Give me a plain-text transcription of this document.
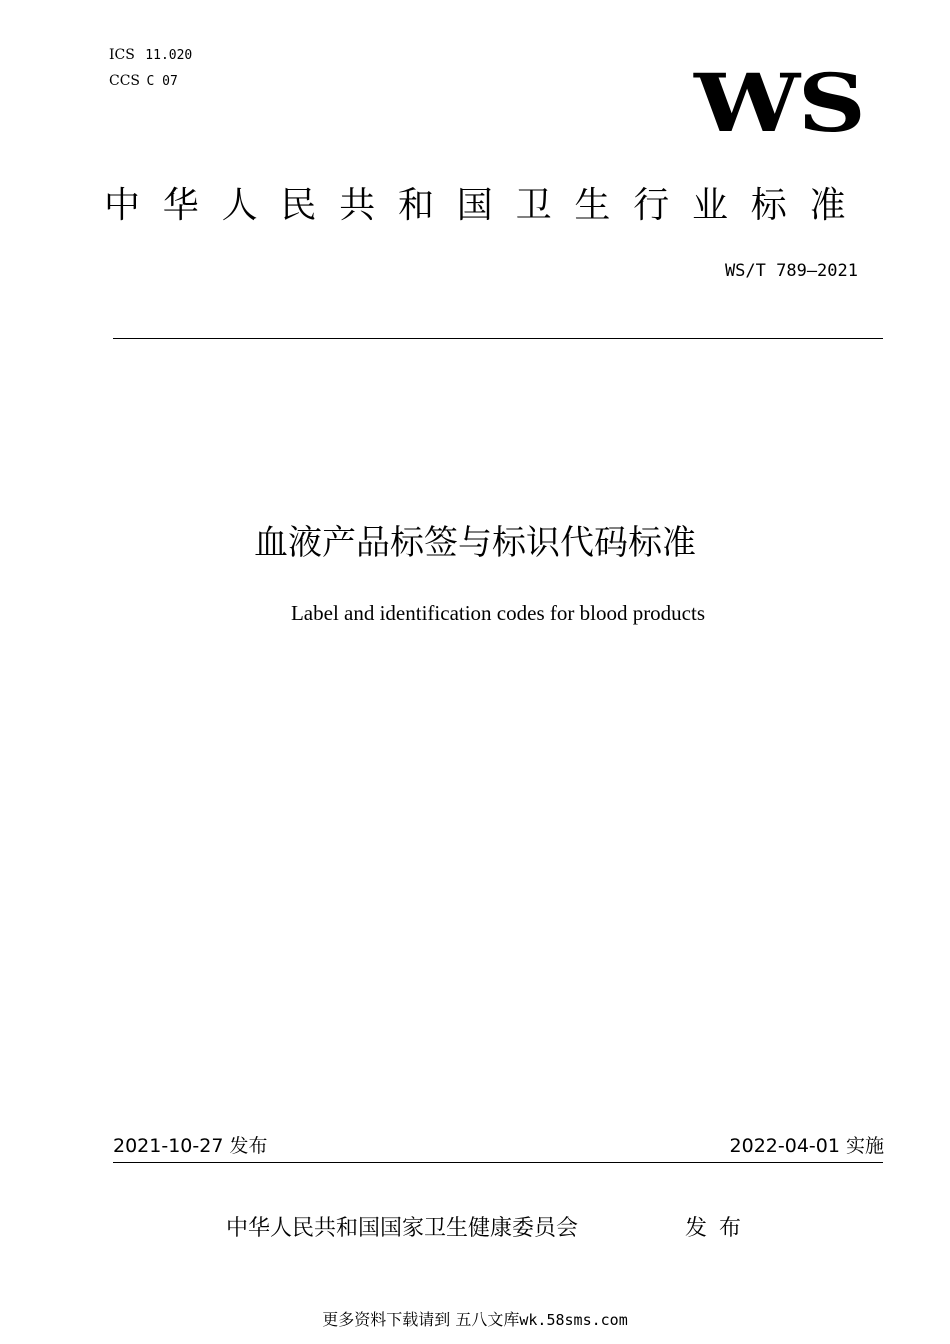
ICS 11.020
CCS C 07	WS
中华人民共和国卫生行业标准
WS/T 789—2021
血液产品标签与标识代码标准
Label and identification codes for blood products
2021-10-27 发布	2022-04-01 实施
中华人民共和国国家卫生健康委员会	发布
更多资料下载请到 五八文库wk.58sms.com
